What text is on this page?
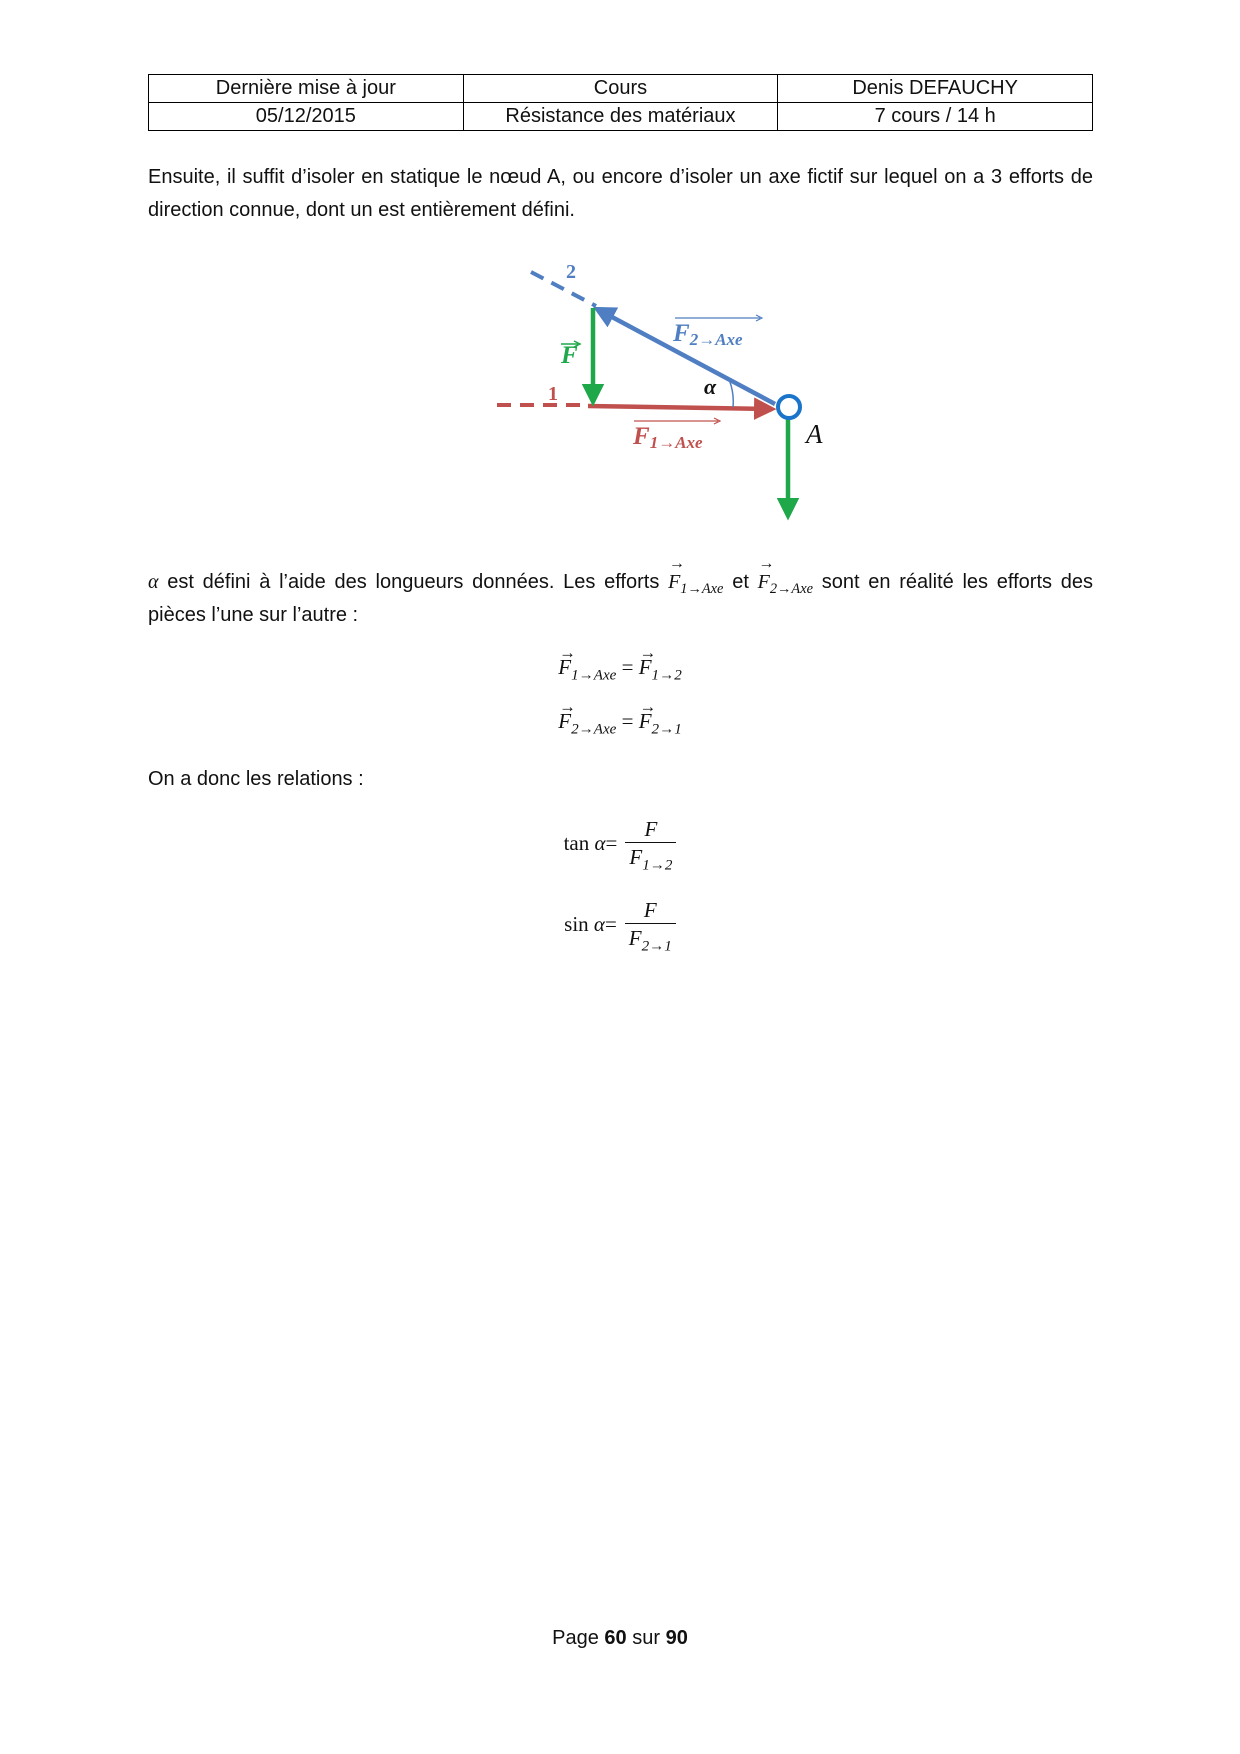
Dernière mise à jour	Cours	Denis DEFAUCHY
05/12/2015	Résistance des matériaux	7 cours / 14 h

Ensuite, il suffit d’isoler en statique le nœud A, ou encore d’isoler un axe fictif sur lequel on a 3 efforts de direction connue, dont un est entièrement défini.

2
1
F
F2→Axe
F1→Axe
α
A

α est défini à l’aide des longueurs données. Les efforts → $F_{1\to Axe}$ et → $F_{2\to Axe}$ sont en réalité les efforts des pièces l’une sur l’autre :

→ $F_{1\to Axe}$ = → $F_{1\to 2}$
→ $F_{2\to Axe}$ = → $F_{2\to 1}$

On a donc les relations :

tan
$\alpha = \frac{F}{F_{1\to 2}}$
sin
$\alpha = \frac{F}{F_{2\to 1}}$
Page 60 sur 90
